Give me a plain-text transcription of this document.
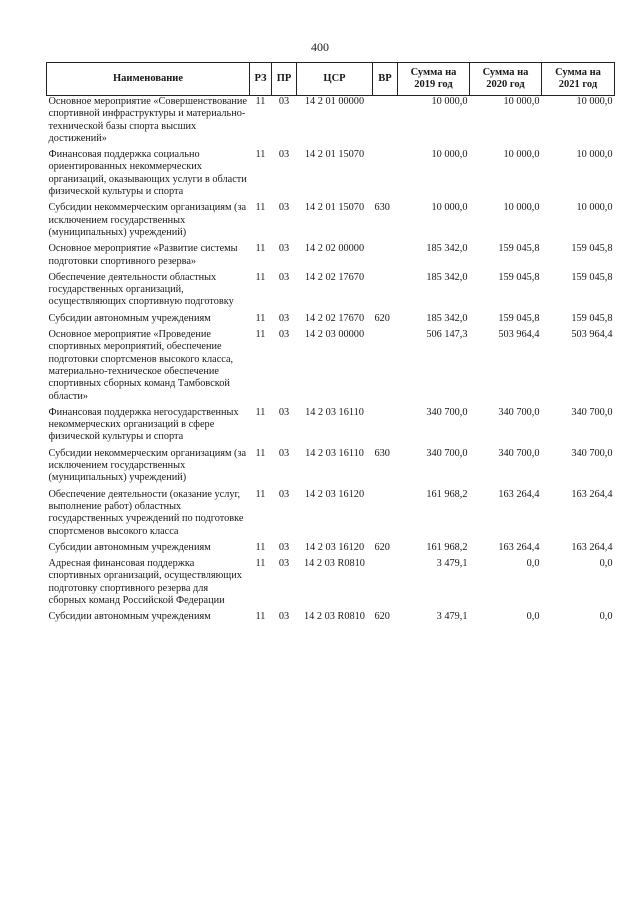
400
Наименование	РЗ	ПР	ЦСР	ВР	Сумма на 2019 год	Сумма на 2020 год	Сумма на 2021 год
Основное мероприятие «Совершенствование спортивной инфраструктуры и материально-технической базы спорта высших достижений»	11	03	14 2 01 00000		10 000,0	10 000,0	10 000,0
Финансовая поддержка социально ориентированных некоммерческих организаций, оказывающих услуги в области физической культуры и спорта	11	03	14 2 01 15070		10 000,0	10 000,0	10 000,0
Субсидии некоммерческим организациям (за исключением государственных (муниципальных) учреждений)	11	03	14 2 01 15070	630	10 000,0	10 000,0	10 000,0
Основное мероприятие «Развитие системы подготовки спортивного резерва»	11	03	14 2 02 00000		185 342,0	159 045,8	159 045,8
Обеспечение деятельности областных государственных организаций, осуществляющих спортивную подготовку	11	03	14 2 02 17670		185 342,0	159 045,8	159 045,8
Субсидии автономным учреждениям	11	03	14 2 02 17670	620	185 342,0	159 045,8	159 045,8
Основное мероприятие «Проведение спортивных мероприятий, обеспечение подготовки спортсменов высокого класса, материально-техническое обеспечение спортивных сборных команд Тамбовской области»	11	03	14 2 03 00000		506 147,3	503 964,4	503 964,4
Финансовая поддержка негосударственных некоммерческих организаций в сфере физической культуры и спорта	11	03	14 2 03 16110		340 700,0	340 700,0	340 700,0
Субсидии некоммерческим организациям (за исключением государственных (муниципальных) учреждений)	11	03	14 2 03 16110	630	340 700,0	340 700,0	340 700,0
Обеспечение деятельности (оказание услуг, выполнение работ) областных государственных учреждений по подготовке спортсменов высокого класса	11	03	14 2 03 16120		161 968,2	163 264,4	163 264,4
Субсидии автономным учреждениям	11	03	14 2 03 16120	620	161 968,2	163 264,4	163 264,4
Адресная финансовая поддержка спортивных организаций, осуществляющих подготовку спортивного резерва для сборных команд Российской Федерации	11	03	14 2 03 R0810		3 479,1	0,0	0,0
Субсидии автономным учреждениям	11	03	14 2 03 R0810	620	3 479,1	0,0	0,0
